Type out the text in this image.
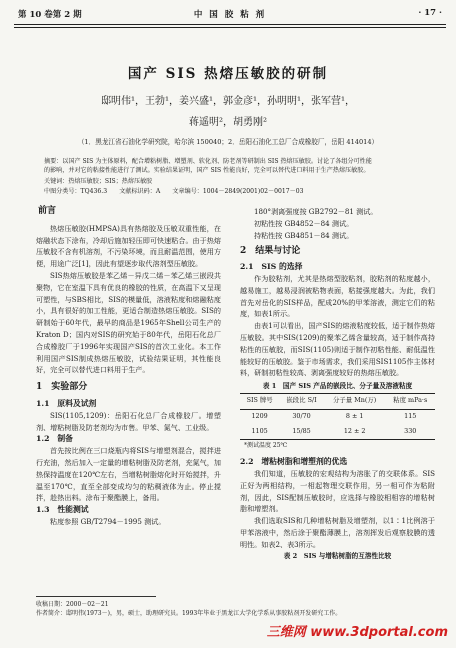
第 10 卷第 2 期	中 国 胶 粘 剂	· 17 ·
国产 SIS 热熔压敏胶的研制
邸明伟¹，王勃¹，姜兴盛¹，郭金彦¹，孙明明¹，张军营¹，
蒋遥明²，胡勇刚²
（1．黑龙江省石油化学研究院，哈尔滨 150040；2．岳阳石油化工总厂合成橡胶厂，岳阳 414014）
摘要：以国产 SIS 为主体原料，配合增粘树脂、增塑剂、软化剂、防老剂等研制出 SIS 热熔压敏胶。讨论了各组分可性能
的影响，并对它的粘接性能进行了测试。实验结果证明，国产 SIS 性能良好，完全可以替代进口料用于生产热熔压敏胶。
关键词：热熔压敏胶；SIS；热熔压敏胶
中图分类号：TQ436.3　　文献标识码：A　　文章编号：1004－2849(2001)02－0017－03
前言

热熔压敏胶(HMPSA)具有热熔胶及压敏双重性能，在熔融状态下涂布，冷却后施加轻压即可快速粘合。由于热熔压敏胶不含有机溶剂，不污染环境，而且耐温范围，使用方便，用途广泛[1]，因此有望逐步取代溶剂型压敏胶。

SIS热熔压敏胶是苯乙烯－异戊二烯－苯乙烯三嵌段共聚物，它在室温下具有优良的橡胶的性质，在高温下又呈现可塑性，与SBS相比，SIS的模量低，溶液粘度和熔融粘度小，具有很好的加工性能，更适合制造热熔压敏胶。SIS的研制始于60年代，最早的商品是1965年Shell公司生产的Kraton D；国内对SIS的研究始于80年代，岳阳石化总厂合成橡胶厂于1996年实现国产SIS的首次工业化。本工作利用国产SIS制成热熔压敏胶，试验结果证明，其性能良好，完全可以替代进口料用于生产。

1　实验部分
1.1　原料及试剂

SIS(1105,1209)：岳阳石化总厂合成橡胶厂。增塑剂、增粘树脂及防老剂均为市售。甲苯、氮气、工业级。

1.2　制备

首先按比例在三口烧瓶内将SIS与增塑剂混合，搅拌进行充油，然后加入一定量的增粘树脂及防老剂，充氮气，加热保持温度在120℃左右，当增粘树脂熔化时开始搅拌，升温至170℃，直至全部变成均匀的粘稠液体为止。停止搅拌，趁热出料。涂布于聚酯膜上，备用。

1.3　性能测试

粘度参照 GB/T2794－1995 测试。

180°剥离强度按 GB2792－81 测试。
初粘性按 GB4852－84 测试。
持粘性按 GB4851－84 测试。
2　结果与讨论
2.1　SIS 的选择

作为胶粘剂，尤其是热熔型胶粘剂，胶粘剂的粘度越小，越易施工，越易浸润被粘物表面，粘接强度越大。为此，我们首先对岳化的SIS样品，配成20%的甲苯溶液，测定它们的粘度，如表1所示。

由表1可以看出，国产SIS的熔液粘度较低，适于制作热熔压敏胶。其中SIS(1209)的聚苯乙烯含量较高，适于制作高持粘性的压敏胶，而SIS(1105)则适于制作初粘性能、耐低温性能较好的压敏胶。鉴于市场需求，我们采用SIS1105作主体材料，研制初粘性较高、剥离强度较好的热熔压敏胶。

表 1　国产 SIS 产品的嵌段比、分子量及溶液粘度
SIS 牌号	嵌段比 S/I	分子量 Mn(万)	粘度 mPa·s
1209	30/70	8 ± 1	115
1105	15/85	12 ± 2	330
*测试温度 25℃
2.2　增粘树脂和增塑剂的优选

我们知道，压敏胶的宏观结构为溶胀了的交联体系。SIS正好为两相结构，一相起物理交联作用，另一相可作为粘附剂，因此，SIS配制压敏胶时，应选择与橡胶相相容的增粘树脂和增塑剂。

我们选取SIS和几种增粘树脂及增塑剂，以1∶1比例溶于甲苯溶液中，然后涂于聚酯薄膜上，溶剂挥发后观察胶膜的透明性。如表2、表3所示。

表 2　SIS 与增粘树脂的互溶性比较
收稿日期：2000－02－21
作者简介：邸明伟(1973－)，男，硕士，助理研究员。1993年毕业于黑龙江大学化学系从事胶粘剂开发研究工作。
三维网 www.3dportal.com
